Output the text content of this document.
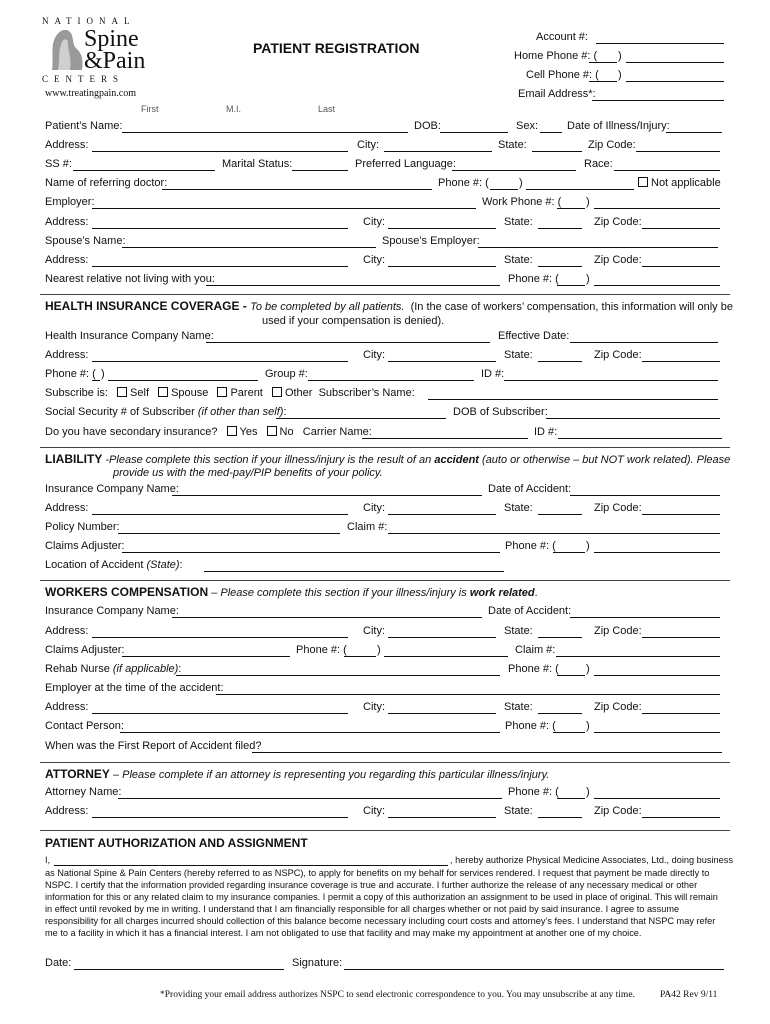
NATIONAL
Spine
&Pain
CENTERS
www.treatingpain.com
PATIENT REGISTRATION
Account #:
Home Phone #: ( )
Cell Phone #: ( )
Email Address*:
First	M.I.	Last
Patient’s Name:	DOB:	Sex:	Date of Illness/Injury:
Address:	City:	State:	Zip Code:
SS #:	Marital Status:	Preferred Language:	Race:
Name of referring doctor:	Phone #: (	)	Not applicable
Employer:	Work Phone #: ( )
Address:	City:	State:	Zip Code:
Spouse’s Name:	Spouse’s Employer:
Address:	City:	State:	Zip Code:
Nearest relative not living with you:	Phone #: ( )
HEALTH INSURANCE COVERAGE - To be completed by all patients. (In the case of workers’ compensation, this information will only be
used if your compensation is denied).
Health Insurance Company Name:	Effective Date:
Address:	City:	State:	Zip Code:
Phone #: ( )	Group #:	ID #:
Subscribe is: Self Spouse Parent Other Subscriber’s Name:
Social Security # of Subscriber (if other than self):	DOB of Subscriber:
Do you have secondary insurance? Yes No Carrier Name:	ID #:
LIABILITY -Please complete this section if your illness/injury is the result of an accident (auto or otherwise – but NOT work related). Please
provide us with the med-pay/PIP benefits of your policy.
Insurance Company Name:	Date of Accident:
Address:	City:	State:	Zip Code:
Policy Number:	Claim #:
Claims Adjuster:	Phone #: (	)
Location of Accident (State):
WORKERS COMPENSATION – Please complete this section if your illness/injury is work related.
Insurance Company Name:	Date of Accident:
Address:	City:	State:	Zip Code:
Claims Adjuster:	Phone #: (	)	Claim #:
Rehab Nurse (if applicable):	Phone #: ( )
Employer at the time of the accident:
Address:	City:	State:	Zip Code:
Contact Person:	Phone #: (	)
When was the First Report of Accident filed?
ATTORNEY – Please complete if an attorney is representing you regarding this particular illness/injury.
Attorney Name:	Phone #: ( )
Address:	City:	State:	Zip Code:
PATIENT AUTHORIZATION AND ASSIGNMENT
I,	, hereby authorize Physical Medicine Associates, Ltd., doing business
as National Spine & Pain Centers (hereby referred to as NSPC), to apply for benefits on my behalf for services rendered. I request that payment be made directly to NSPC. I certify that the information provided regarding insurance coverage is true and accurate. I further authorize the release of any necessary medical or other information for this or any related claim to my insurance companies. I permit a copy of this authorization an assignment to be used in place of original. This will remain in effect until revoked by me in writing. I understand that I am financially responsible for all charges whether or not paid by said insurance. I agree to assume responsibility for all charges incurred should collection of this balance become necessary including court costs and attorney’s fees. I understand that NSPC may refer me to a facility in which it has a financial interest. I am not obligated to use that facility and may make my appointment at another one of my choice.
Date:	Signature:
*Providing your email address authorizes NSPC to send electronic correspondence to you. You may unsubscribe at any time.	PA42 Rev 9/11
